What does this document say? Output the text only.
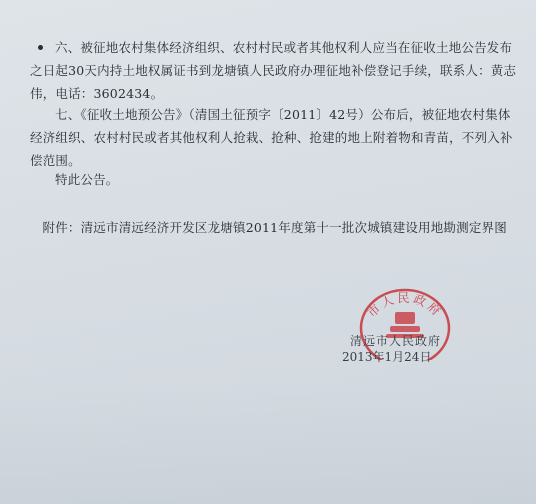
六、被征地农村集体经济组织、农村村民或者其他权利人应当在征收土地公告发布之日起30天内持土地权属证书到龙塘镇人民政府办理征地补偿登记手续，联系人：黄志伟，电话：3602434。

七、《征收土地预公告》（清国土征预字〔2011〕42号）公布后，被征地农村集体经济组织、农村村民或者其他权利人抢栽、抢种、抢建的地上附着物和青苗，不列入补偿范围。

特此公告。

附件：清远市清远经济开发区龙塘镇2011年度第十一批次城镇建设用地勘测定界图

市人民政府

清远市人民政府

2013年1月24日
